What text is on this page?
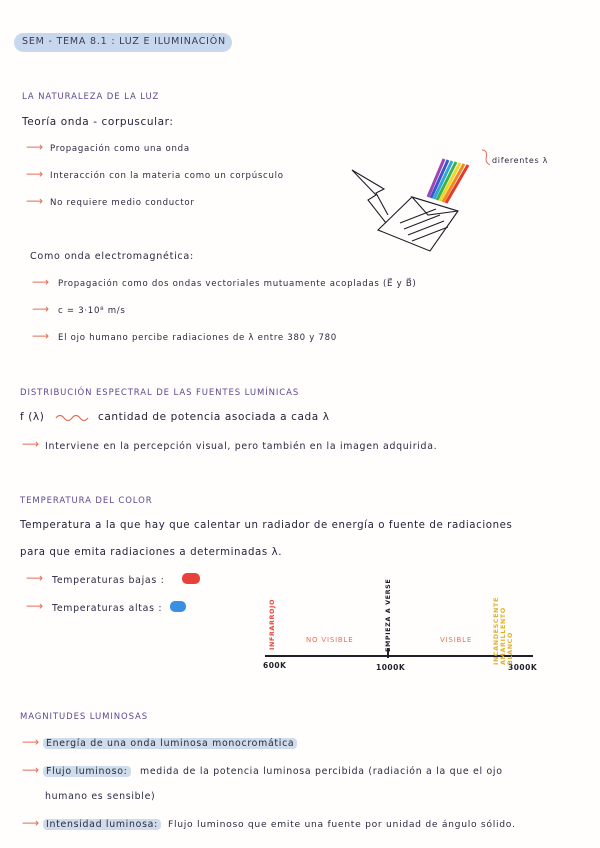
SEM - TEMA 8.1 : LUZ E ILUMINACIÓN
LA NATURALEZA DE LA LUZ
Teoría onda - corpuscular:
⟶ Propagación como una onda
⟶ Interacción con la materia como un corpúsculo
⟶ No requiere medio conductor
diferentes λ
Como onda electromagnética:
⟶ Propagación como dos ondas vectoriales mutuamente acopladas (E⃗ y B⃗)
⟶ c = 3·10⁸ m/s
⟶ El ojo humano percibe radiaciones de λ entre 380 y 780
DISTRIBUCIÓN ESPECTRAL DE LAS FUENTES LUMÍNICAS
f (λ)	cantidad de potencia asociada a cada λ
⟶ Interviene en la percepción visual, pero también en la imagen adquirida.
TEMPERATURA DEL COLOR
Temperatura a la que hay que calentar un radiador de energía o fuente de radiaciones
para que emita radiaciones a determinadas λ.
⟶ Temperaturas bajas :
⟶ Temperaturas altas :
600K	1000K	3000K
INFRARROJO	EMPIEZA A VERSE	INCANDESCENTE AMARILLENTO BLANCO
NO VISIBLE	VISIBLE
MAGNITUDES LUMINOSAS
⟶ Energía de una onda luminosa monocromática
⟶ Flujo luminoso:	medida de la potencia luminosa percibida (radiación a la que el ojo
humano es sensible)
⟶ Intensidad luminosa:	Flujo luminoso que emite una fuente por unidad de ángulo sólido.
